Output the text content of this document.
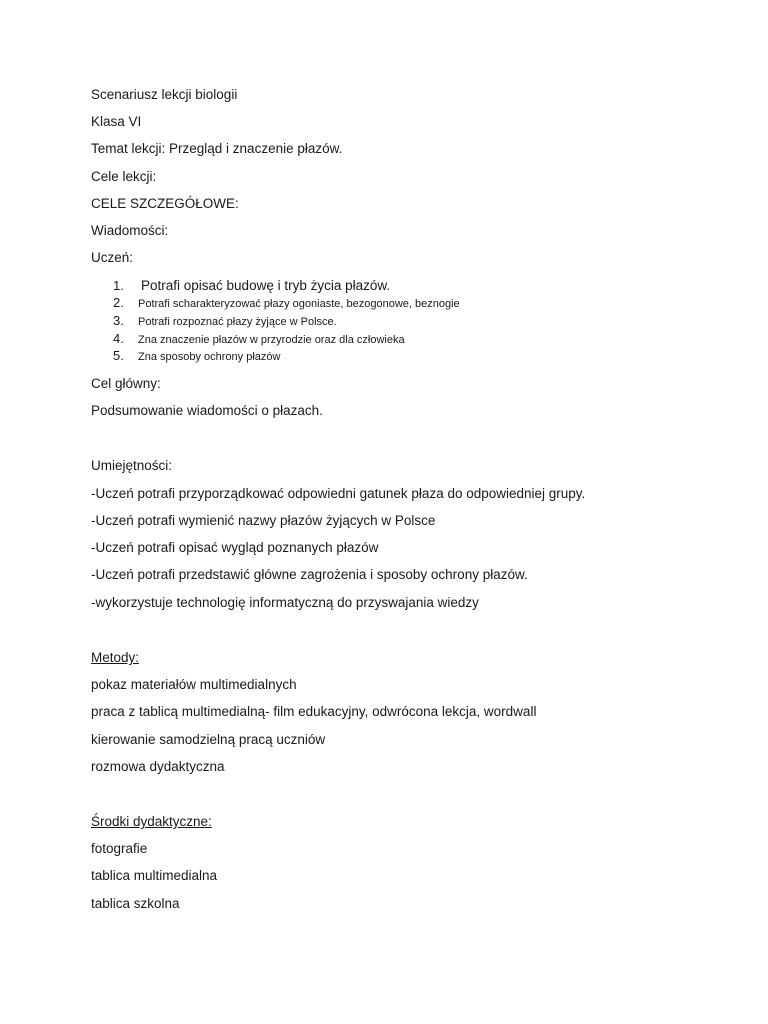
Scenariusz lekcji biologii
Klasa VI
Temat lekcji: Przegląd i znaczenie płazów.
Cele lekcji:
CELE SZCZEGÓŁOWE:
Wiadomości:
Uczeń:
1. Potrafi opisać budowę i tryb życia płazów.
2. Potrafi scharakteryzować płazy ogoniaste, bezogonowe, beznogie
3. Potrafi rozpoznać płazy żyjące w Polsce.
4. Zna znaczenie płazów w przyrodzie oraz dla człowieka
5. Zna sposoby ochrony płazów
Cel główny:
Podsumowanie wiadomości o płazach.
Umiejętności:
-Uczeń potrafi przyporządkować odpowiedni gatunek płaza do odpowiedniej grupy.
-Uczeń potrafi wymienić nazwy płazów żyjących w Polsce
-Uczeń potrafi opisać wygląd poznanych płazów
-Uczeń potrafi przedstawić główne zagrożenia i sposoby ochrony płazów.
-wykorzystuje technologię informatyczną do przyswajania wiedzy
Metody:
pokaz materiałów multimedialnych
praca z tablicą multimedialną- film edukacyjny, odwrócona lekcja, wordwall
kierowanie samodzielną pracą uczniów
rozmowa dydaktyczna
Środki dydaktyczne:
fotografie
tablica multimedialna
tablica szkolna
